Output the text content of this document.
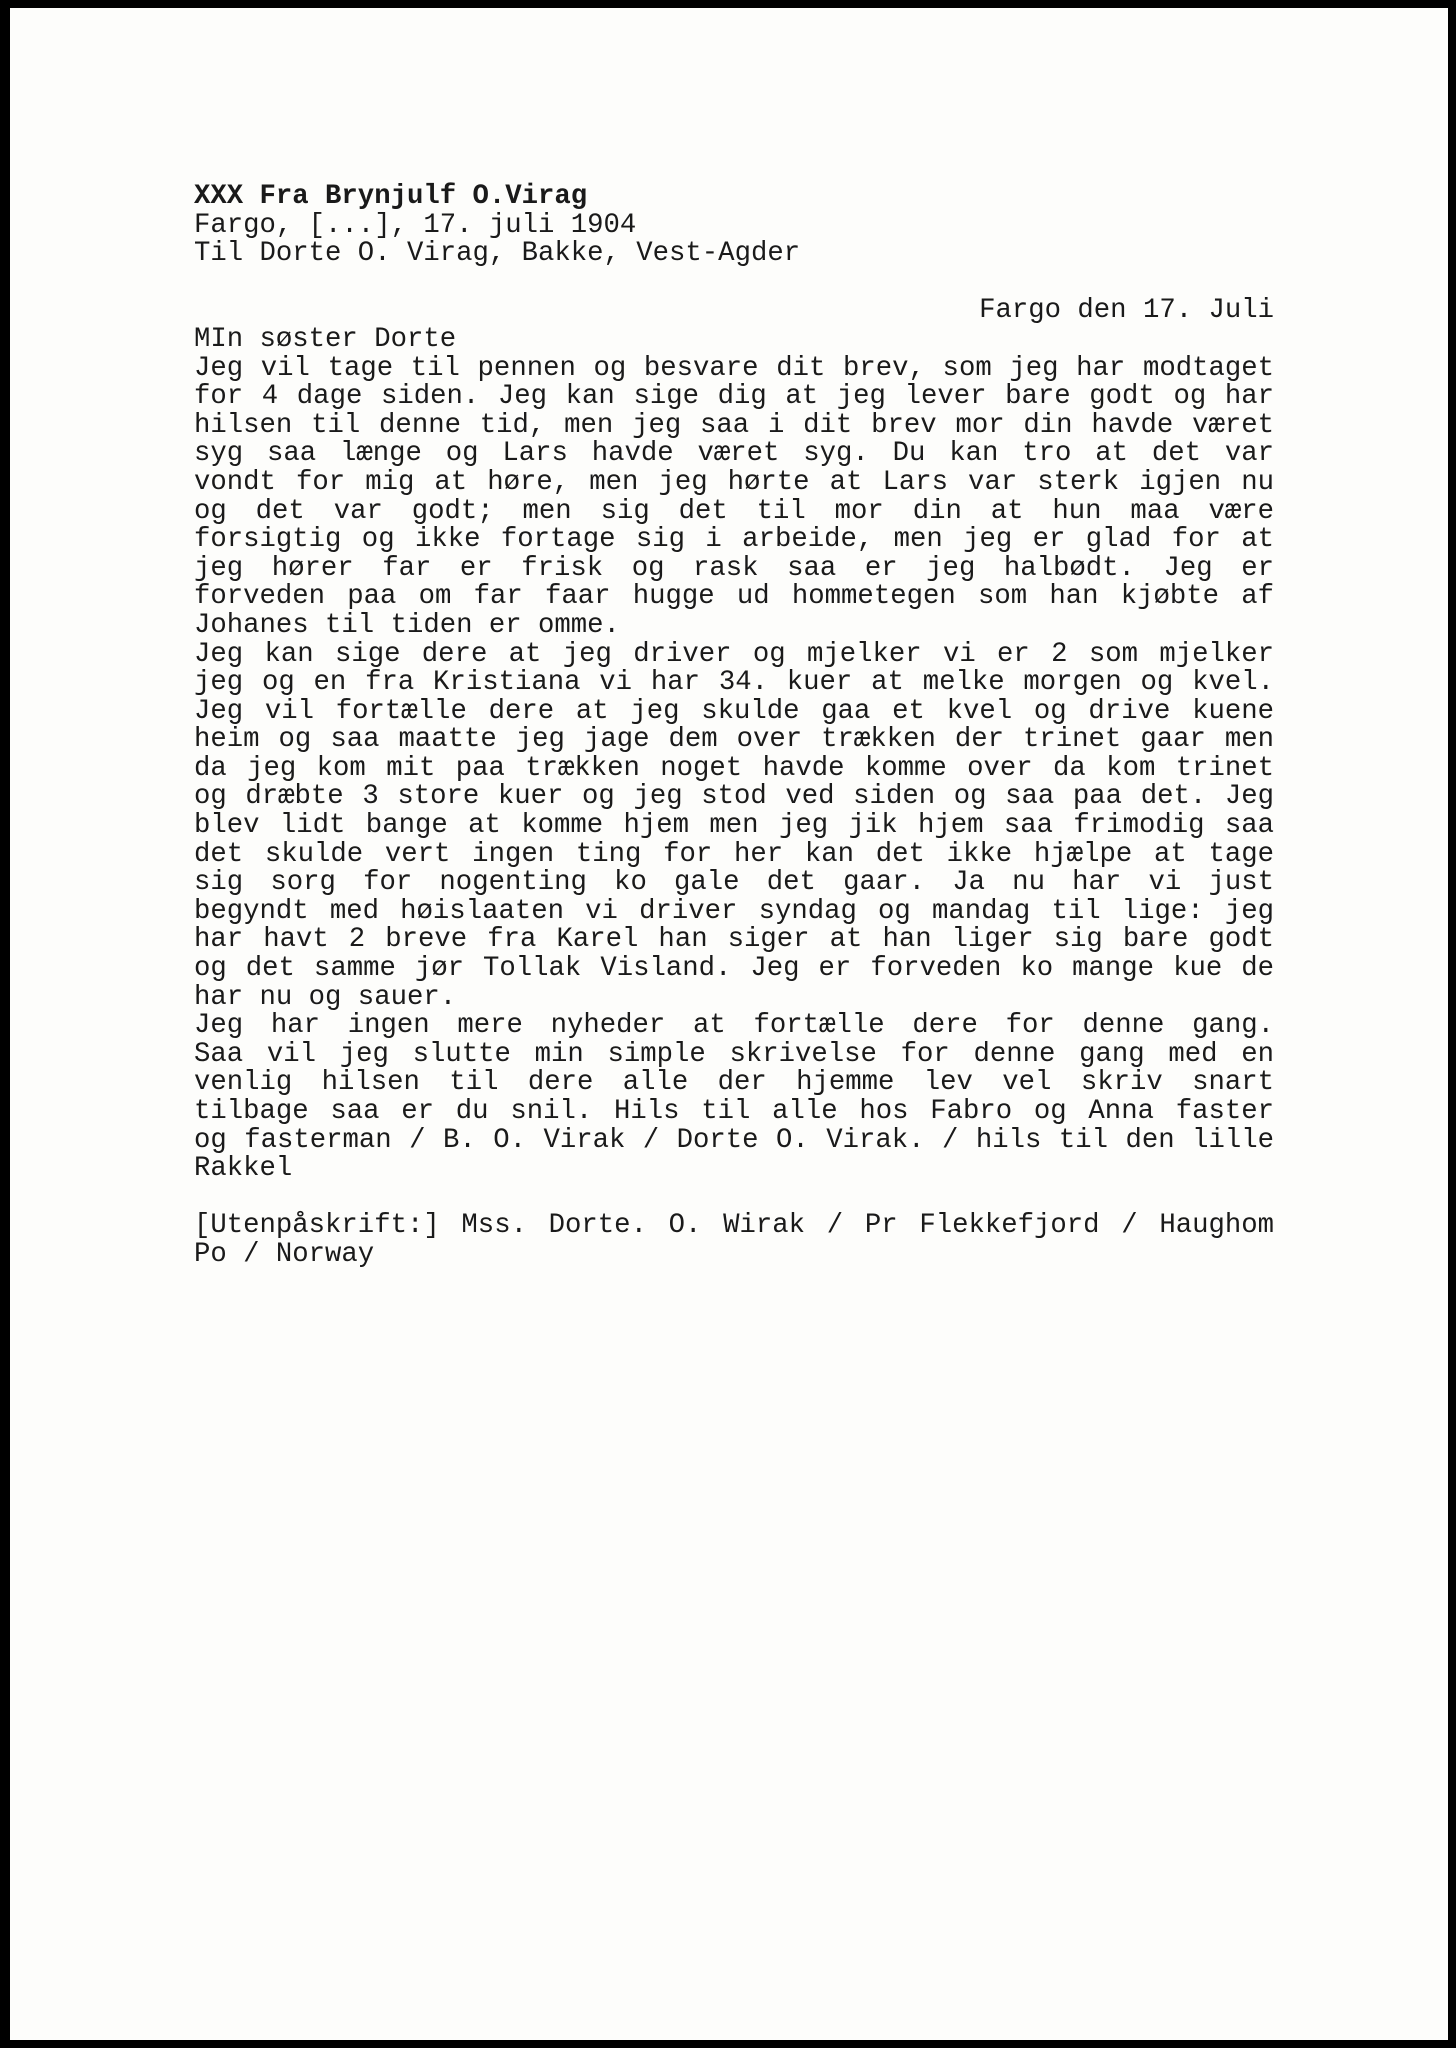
XXX Fra Brynjulf O.Virag
Fargo, [...], 17. juli 1904
Til Dorte O. Virag, Bakke, Vest-Agder
Fargo den 17. Juli
MIn søster Dorte
Jeg vil tage til pennen og besvare dit brev, som jeg har modtaget
for 4 dage siden. Jeg kan sige dig at jeg lever bare godt og har
hilsen til denne tid, men jeg saa i dit brev mor din havde været
syg saa længe og Lars havde været syg. Du kan tro at det var
vondt for mig at høre, men jeg hørte at Lars var sterk igjen nu
og det var godt; men sig det til mor din at hun maa være
forsigtig og ikke fortage sig i arbeide, men jeg er glad for at
jeg hører far er frisk og rask saa er jeg halbødt. Jeg er
forveden paa om far faar hugge ud hommetegen som han kjøbte af
Johanes til tiden er omme.
Jeg kan sige dere at jeg driver og mjelker vi er 2 som mjelker
jeg og en fra Kristiana vi har 34. kuer at melke morgen og kvel.
Jeg vil fortælle dere at jeg skulde gaa et kvel og drive kuene
heim og saa maatte jeg jage dem over trækken der trinet gaar men
da jeg kom mit paa trækken noget havde komme over da kom trinet
og dræbte 3 store kuer og jeg stod ved siden og saa paa det. Jeg
blev lidt bange at komme hjem men jeg jik hjem saa frimodig saa
det skulde vert ingen ting for her kan det ikke hjælpe at tage
sig sorg for nogenting ko gale det gaar. Ja nu har vi just
begyndt med høislaaten vi driver syndag og mandag til lige: jeg
har havt 2 breve fra Karel han siger at han liger sig bare godt
og det samme jør Tollak Visland. Jeg er forveden ko mange kue de
har nu og sauer.
Jeg har ingen mere nyheder at fortælle dere for denne gang.
Saa vil jeg slutte min simple skrivelse for denne gang med en
venlig hilsen til dere alle der hjemme lev vel skriv snart
tilbage saa er du snil. Hils til alle hos Fabro og Anna faster
og fasterman / B. O. Virak / Dorte O. Virak. / hils til den lille
Rakkel
[Utenpåskrift:] Mss. Dorte. O. Wirak / Pr Flekkefjord / Haughom
Po / Norway
